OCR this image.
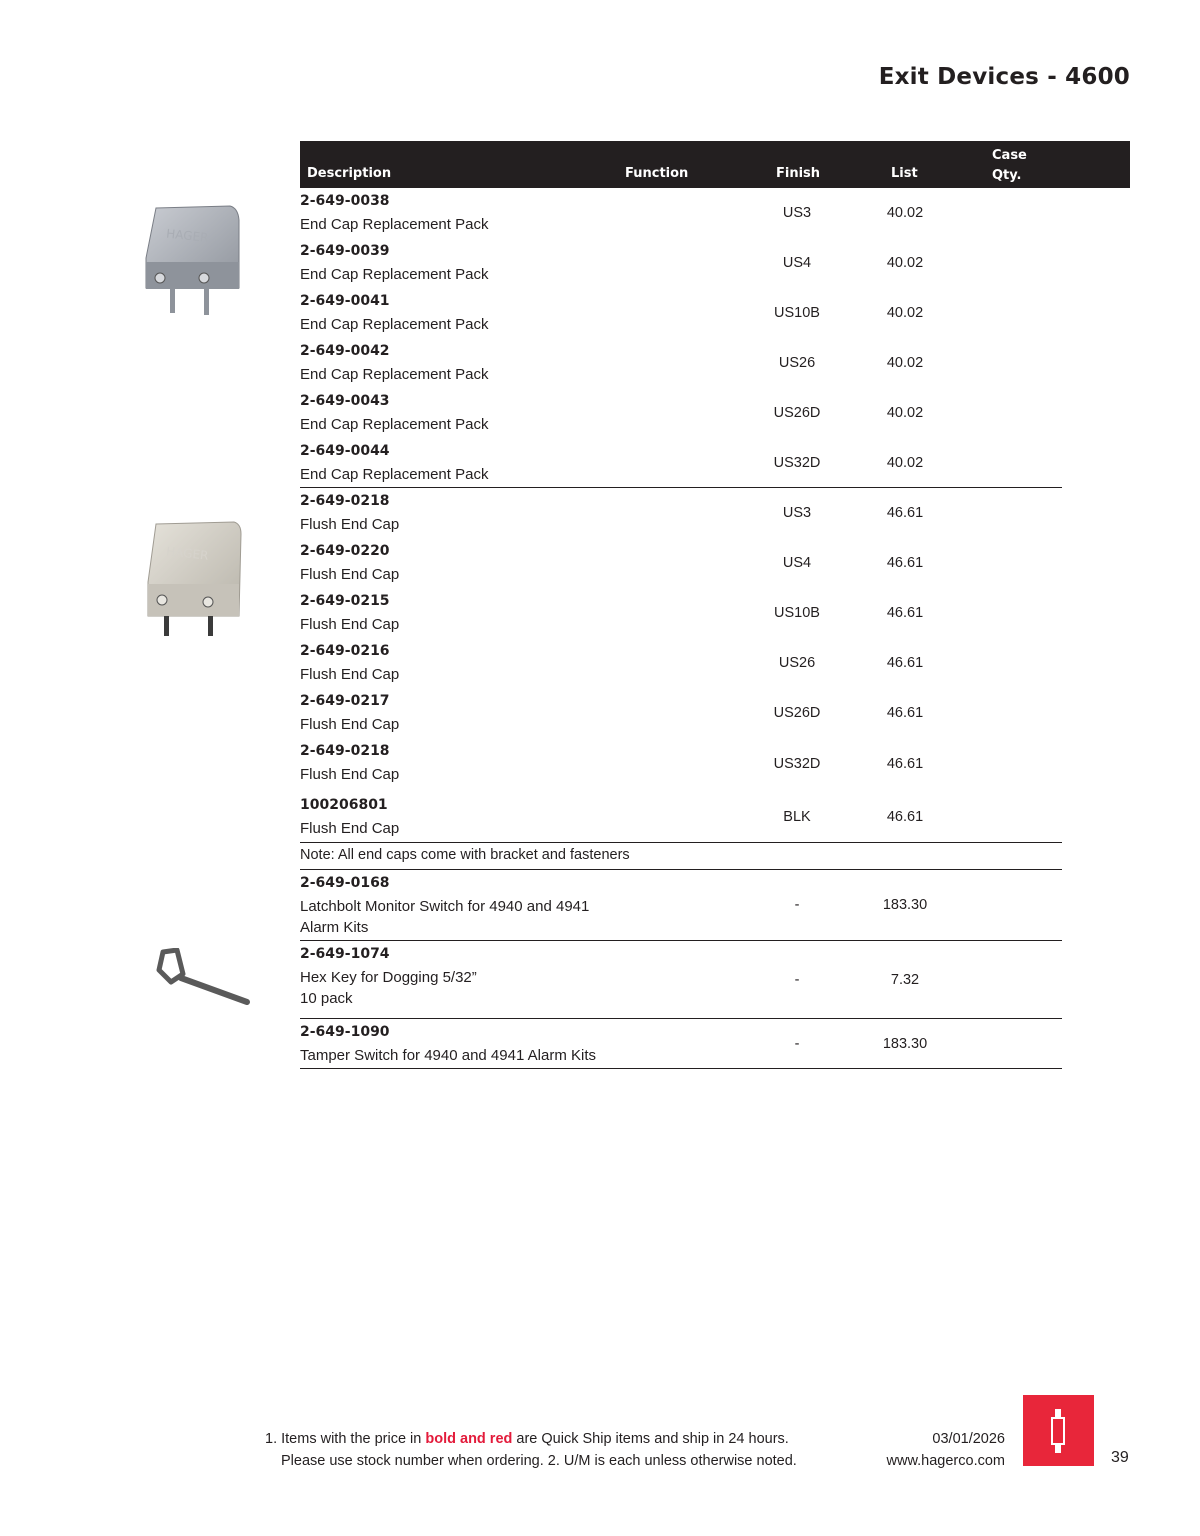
Exit Devices - 4600
Description	Function	Finish	List
Case
Qty.
HAGER
HAGER
2-649-0038
End Cap Replacement Pack
US3	40.02
2-649-0039
End Cap Replacement Pack
US4	40.02
2-649-0041
End Cap Replacement Pack
US10B	40.02
2-649-0042
End Cap Replacement Pack
US26	40.02
2-649-0043
End Cap Replacement Pack
US26D	40.02
2-649-0044
End Cap Replacement Pack
US32D	40.02
2-649-0218
Flush End Cap
US3	46.61
2-649-0220
Flush End Cap
US4	46.61
2-649-0215
Flush End Cap
US10B	46.61
2-649-0216
Flush End Cap
US26	46.61
2-649-0217
Flush End Cap
US26D	46.61
2-649-0218
Flush End Cap
US32D	46.61
100206801
Flush End Cap
BLK	46.61
2-649-0168
Latchbolt Monitor Switch for 4940 and 4941 Alarm Kits
-	183.30
2-649-1074
Hex Key for Dogging 5/32”
10 pack
-	7.32
2-649-1090
Tamper Switch for 4940 and 4941 Alarm Kits
-	183.30
Note: All end caps come with bracket and fasteners
1. Items with the price in bold and red are Quick Ship items and ship in 24 hours.
Please use stock number when ordering. 2. U/M is each unless otherwise noted.
03/01/2026
www.hagerco.com	39
